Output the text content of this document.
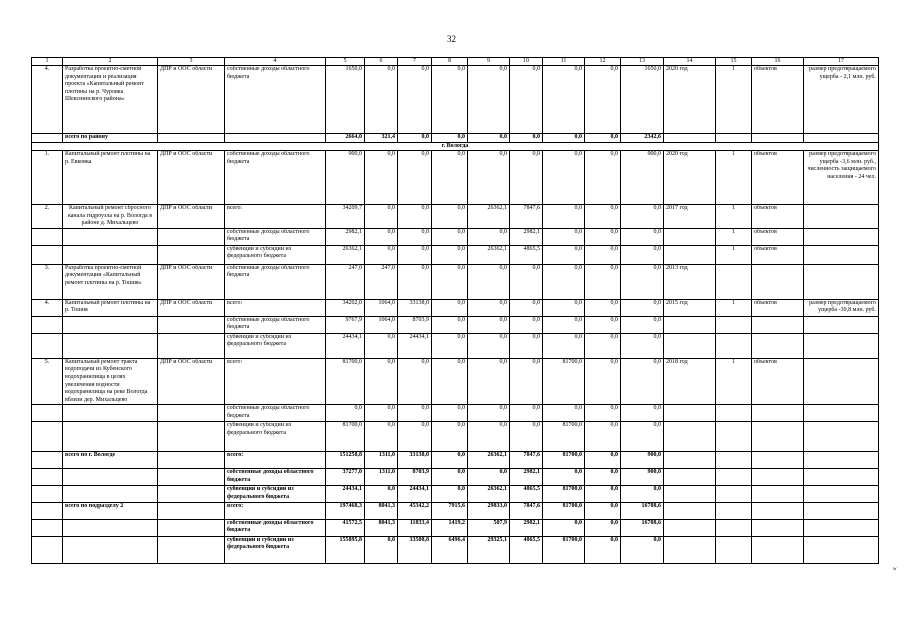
32
w
1	2	3	4	5	6	7	8	9	10	11	12	13	14	15	16	17
4.	Разработка проектно-сметной документации и реализация проекта «Капитальный ремонт плотины на р. Чуровка Шекснинского района»	ДПР и ООС области	собственные доходы областного бюджета	1650,0	0,0	0,0	0,0	0,0	0,0	0,0	0,0	1650,0	2020 год	1	объектов	размер предотвращаемого ущерба - 2,1 млн. руб.
	всего по району			2664,0	321,4	0,0	0,0	0,0	0,0	0,0	0,0	2342,6				
г. Вологда																
1.	Капитальный ремонт плотины на р. Евковка	ДПР и ООС области	собственные доходы областного бюджета	900,0	0,0	0,0	0,0	0,0	0,0	0,0	0,0	900,0	2020 год	1	объектов	размер предотвращаемого ущерба -3,6 млн. руб., численность защищаемого населения - 24 чел.
2.	Капитальный ремонт сбросного канала гидроузла на р. Вологда в районе д. Михальцево	ДПР и ООС области	всего:	34209,7	0,0	0,0	0,0	26362,1	7847,6	0,0	0,0	0,0	2017 год	1	объектов	
			собственные доходы областного бюджета	2982,1	0,0	0,0	0,0	0,0	2982,1	0,0	0,0	0,0		1	объектов	
			субвенции и субсидии из федерального бюджета	26362,1	0,0	0,0	0,0	26362,1	4865,5	0,0	0,0	0,0		1	объектов	
3.	Разработка проектно-сметной документации «Капитальный ремонт плотины на р. Тошня»	ДПР и ООС области	собственные доходы областного бюджета	247,0	247,0	0,0	0,0	0,0	0,0	0,0	0,0	0,0	2013 год			
4.	Капитальный ремонт плотины на р. Тошня	ДПР и ООС области	всего:	34202,0	1064,0	33138,0	0,0	0,0	0,0	0,0	0,0	0,0	2015 год	1	объектов	размер предотвращаемого ущерба -39,8 млн. руб.
			собственные доходы областного бюджета	9767,9	1064,0	8703,9	0,0	0,0	0,0	0,0	0,0	0,0				
			субвенции и субсидии из федерального бюджета	24434,1	0,0	24434,1	0,0	0,0	0,0	0,0	0,0	0,0				
5.	Капитальный ремонт тракта водоподачи из Кубенского водохранилища в целях увеличения водности водохранилища на реке Вологда вблизи дер. Михальцево	ДПР и ООС области	всего:	81700,0	0,0	0,0	0,0	0,0	0,0	81700,0	0,0	0,0	2018 год	1	объектов	
			собственные доходы областного бюджета	0,0	0,0	0,0	0,0	0,0	0,0	0,0	0,0	0,0				
			субвенции и субсидии из федерального бюджета	81700,0	0,0	0,0	0,0	0,0	0,0	81700,0	0,0	0,0				
	всего по г. Вологде		всего:	151258,8	1311,0	33138,0	0,0	26362,1	7847,6	81700,0	0,0	900,0				
			собственные доходы областного бюджета	37277,0	1311,0	8703,9	0,0	0,0	2982,1	0,0	0,0	900,0				
			субвенции и субсидии из федерального бюджета	24434,1	0,0	24434,1	0,0	26362,1	4865,5	81700,0	0,0	0,0				
	всего по подразделу 2		всего:	197468,3	8041,3	45342,2	7915,6	29833,0	7847,6	81700,0	0,0	16788,6				
			собственные доходы областного бюджета	41572,5	8041,3	11833,4	1419,2	507,9	2982,1	0,0	0,0	16788,6				
			субвенции и субсидии из федерального бюджета	155895,8	0,0	33508,8	6496,4	29325,1	4865,5	81700,0	0,0	0,0				
